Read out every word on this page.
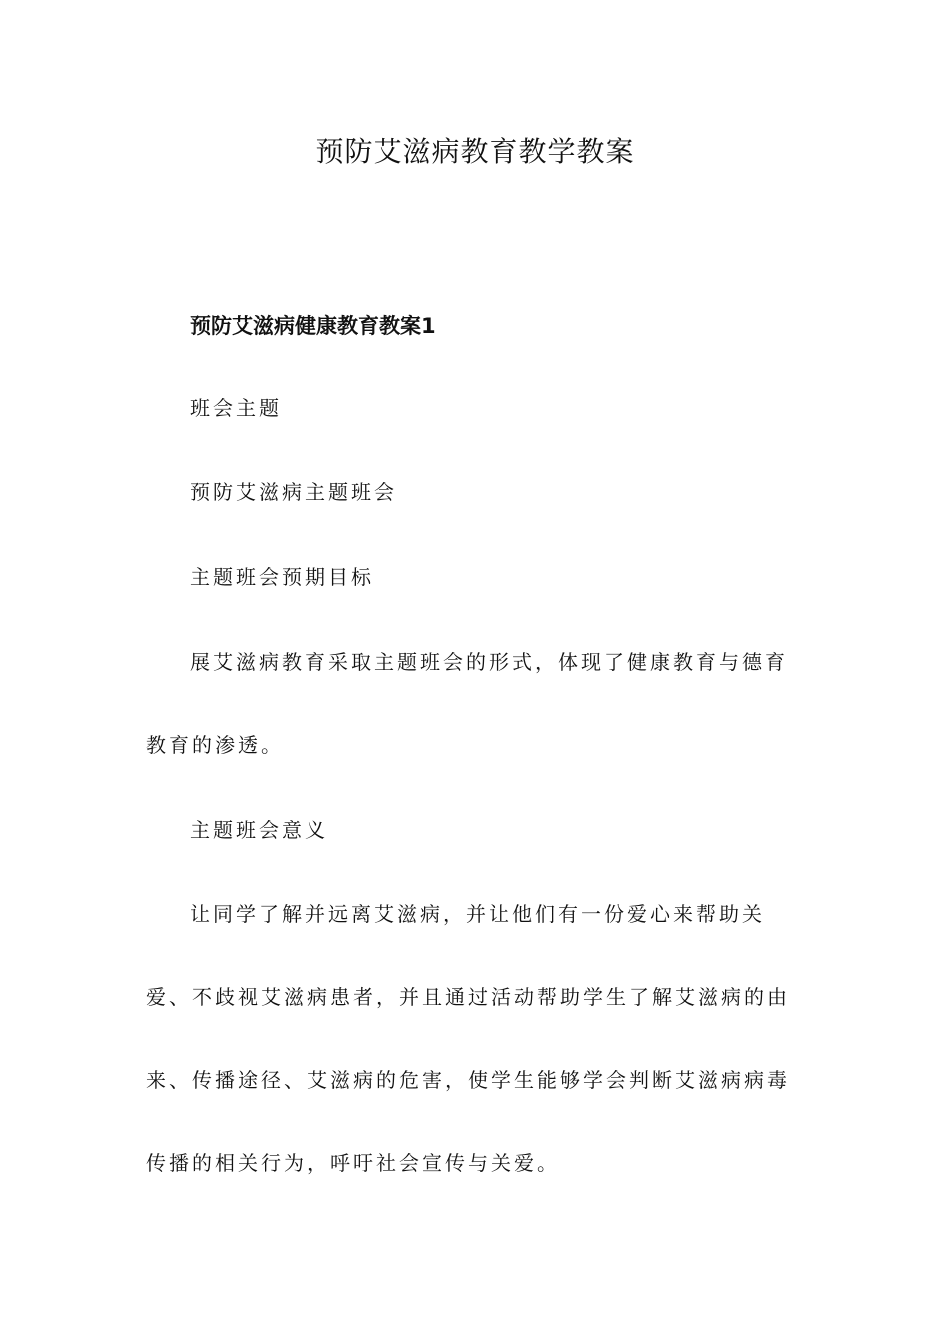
预防艾滋病教育教学教案
预防艾滋病健康教育教案1

班会主题

预防艾滋病主题班会

主题班会预期目标

展艾滋病教育采取主题班会的形式，体现了健康教育与德育教育的渗透。

主题班会意义

让同学了解并远离艾滋病，并让他们有一份爱心来帮助关爱、不歧视艾滋病患者，并且通过活动帮助学生了解艾滋病的由来、传播途径、艾滋病的危害，使学生能够学会判断艾滋病病毒传播的相关行为，呼吁社会宣传与关爱。
